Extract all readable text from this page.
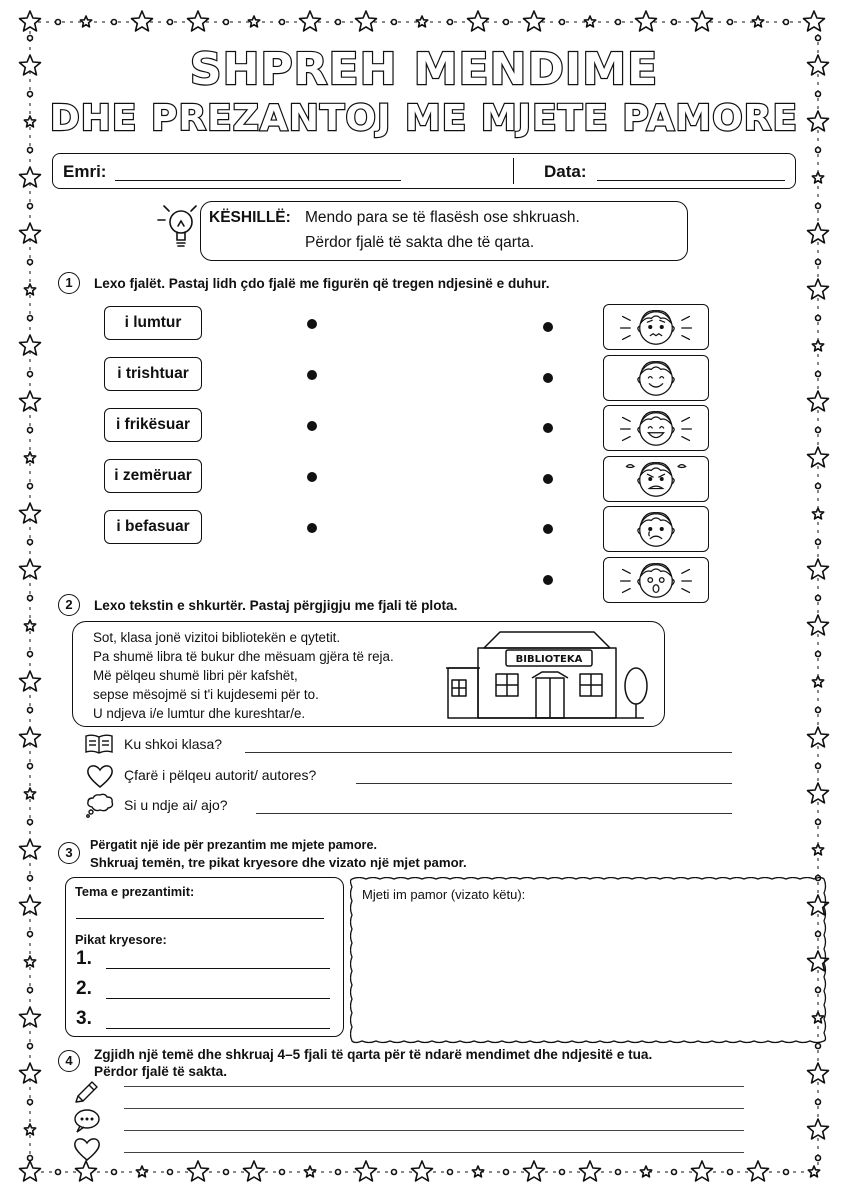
SHPREH MENDIME
DHE PREZANTOJ ME MJETE PAMORE
Emri:	Data:
KËSHILLË: Mendo para se të flasësh ose shkruash.
Përdor fjalë të sakta dhe të qarta.
1	Lexo fjalët. Pastaj lidh çdo fjalë me figurën që tregen ndjesinë e duhur.
i lumtur
i trishtuar
i frikësuar
i zemëruar
i befasuar
2	Lexo tekstin e shkurtër. Pastaj përgjigju me fjali të plota.
Sot, klasa jonë vizitoi bibliotekën e qytetit.
Pa shumë libra të bukur dhe mësuam gjëra të reja.
Më pëlqeu shumë libri për kafshët,
sepse mësojmë si t'i kujdesemi për to.
U ndjeva i/e lumtur dhe kureshtar/e.
BIBLIOTEKA
Ku shkoi klasa?
Çfarë i pëlqeu autorit/ autores?
Si u ndje ai/ ajo?
3	Përgatit një ide për prezantim me mjete pamore.
Shkruaj temën, tre pikat kryesore dhe vizato një mjet pamor.
Tema e prezantimit:
Pikat kryesore:
1.
2.
3.
Mjeti im pamor (vizato këtu):
4	Zgjidh një temë dhe shkruaj 4–5 fjali të qarta për të ndarë mendimet dhe ndjesitë e tua.
Përdor fjalë të sakta.
